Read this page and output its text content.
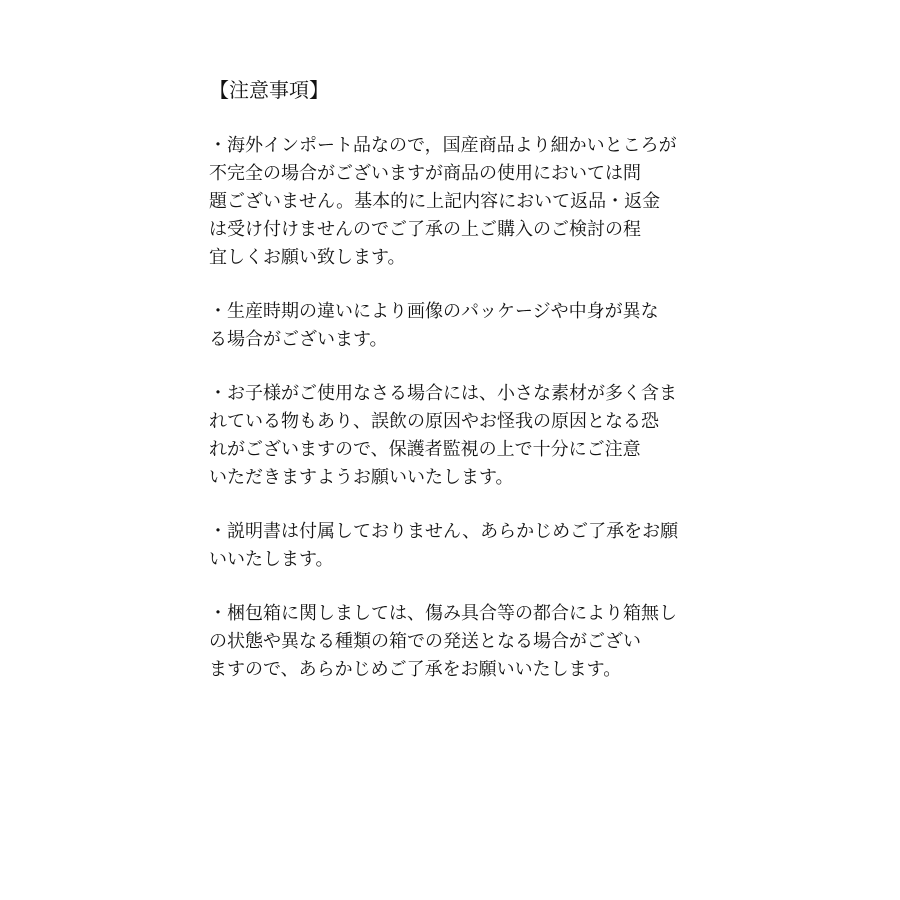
【注意事項】

・海外インポート品なので，国産商品より細かいところが
不完全の場合がございますが商品の使用においては問
題ございません。基本的に上記内容において返品・返金
は受け付けませんのでご了承の上ご購入のご検討の程
宜しくお願い致します。

・生産時期の違いにより画像のパッケージや中身が異な
る場合がございます。

・お子様がご使用なさる場合には、小さな素材が多く含ま
れている物もあり、誤飲の原因やお怪我の原因となる恐
れがございますので、保護者監視の上で十分にご注意
いただきますようお願いいたします。

・説明書は付属しておりません、あらかじめご了承をお願
いいたします。

・梱包箱に関しましては、傷み具合等の都合により箱無し
の状態や異なる種類の箱での発送となる場合がござい
ますので、あらかじめご了承をお願いいたします。
